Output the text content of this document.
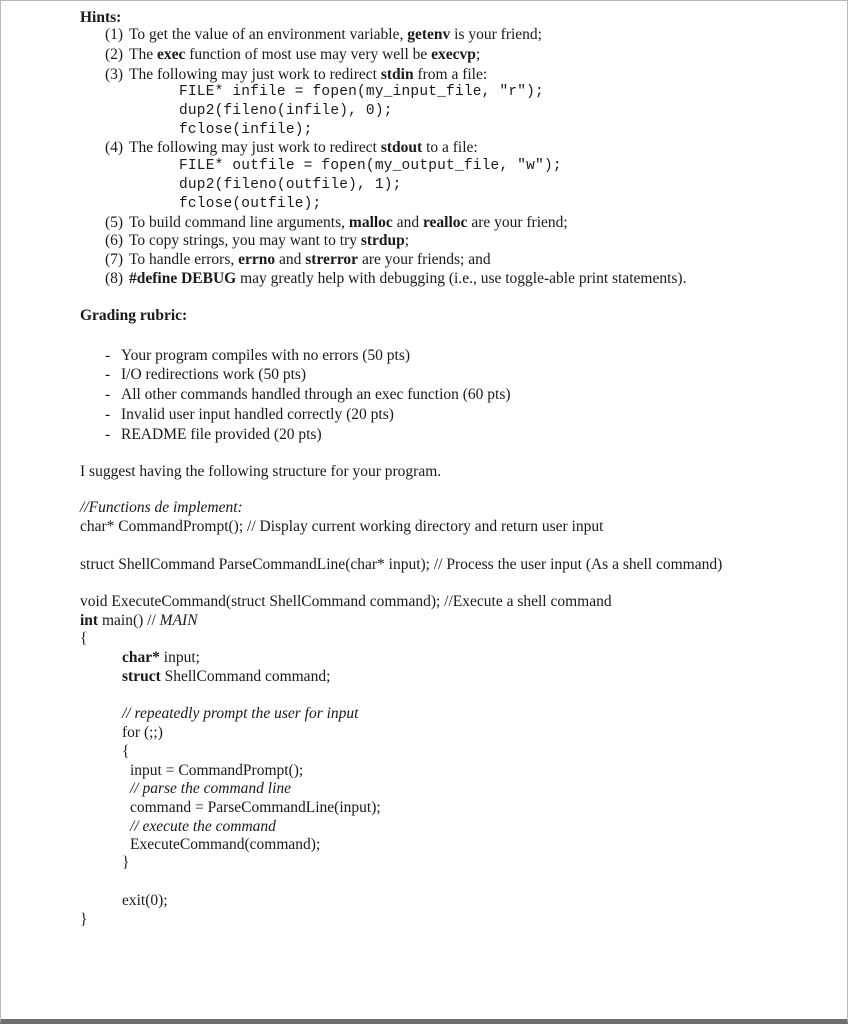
Hints:
(1) To get the value of an environment variable, getenv is your friend;
(2) The exec function of most use may very well be execvp;
(3) The following may just work to redirect stdin from a file:
FILE* infile = fopen(my_input_file, "r");
dup2(fileno(infile), 0);
fclose(infile);
(4) The following may just work to redirect stdout to a file:
FILE* outfile = fopen(my_output_file, "w");
dup2(fileno(outfile), 1);
fclose(outfile);
(5) To build command line arguments, malloc and realloc are your friend;
(6) To copy strings, you may want to try strdup;
(7) To handle errors, errno and strerror are your friends; and
(8) #define DEBUG may greatly help with debugging (i.e., use toggle-able print statements).
Grading rubric:
- Your program compiles with no errors (50 pts)
- I/O redirections work (50 pts)
- All other commands handled through an exec function (60 pts)
- Invalid user input handled correctly (20 pts)
- README file provided (20 pts)
I suggest having the following structure for your program.
//Functions de implement:
char* CommandPrompt(); // Display current working directory and return user input
struct ShellCommand ParseCommandLine(char* input); // Process the user input (As a shell command)
void ExecuteCommand(struct ShellCommand command); //Execute a shell command
int main() // MAIN
{
char* input;
struct ShellCommand command;
// repeatedly prompt the user for input
for (;;)
{
input = CommandPrompt();
// parse the command line
command = ParseCommandLine(input);
// execute the command
ExecuteCommand(command);
}
exit(0);
}
